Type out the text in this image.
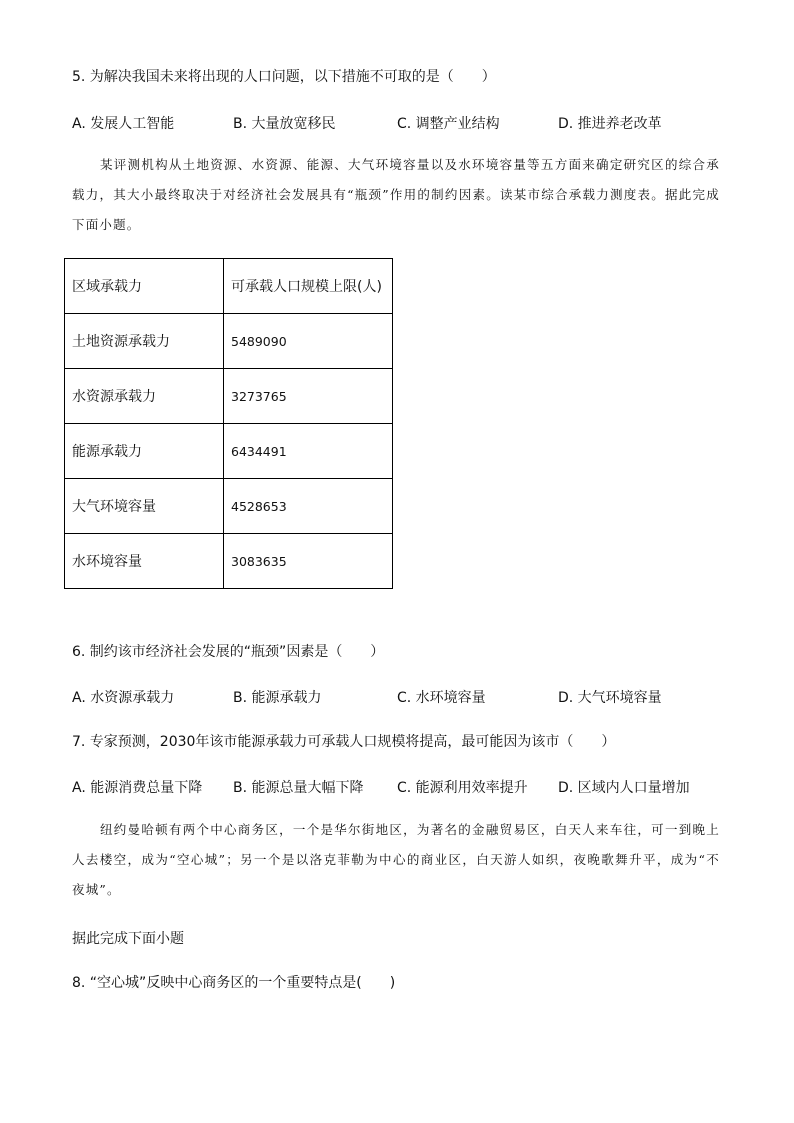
5. 为解决我国未来将出现的人口问题，以下措施不可取的是（　　）
A. 发展人工智能	B. 大量放宽移民	C. 调整产业结构	D. 推进养老改革
某评测机构从土地资源、水资源、能源、大气环境容量以及水环境容量等五方面来确定研究区的综合承载力，其大小最终取决于对经济社会发展具有“瓶颈”作用的制约因素。读某市综合承载力测度表。据此完成下面小题。
区域承载力	可承载人口规模上限(人)
土地资源承载力	5489090
水资源承载力	3273765
能源承载力	6434491
大气环境容量	4528653
水环境容量	3083635
6. 制约该市经济社会发展的“瓶颈”因素是（　　）
A. 水资源承载力	B. 能源承载力	C. 水环境容量	D. 大气环境容量
7. 专家预测，2030年该市能源承载力可承载人口规模将提高，最可能因为该市（　　）
A. 能源消费总量下降 B. 能源总量大幅下降 C. 能源利用效率提升 D. 区域内人口量增加
纽约曼哈顿有两个中心商务区，一个是华尔街地区，为著名的金融贸易区，白天人来车往，可一到晚上人去楼空，成为“空心城”；另一个是以洛克菲勒为中心的商业区，白天游人如织，夜晚歌舞升平，成为“不夜城”。
据此完成下面小题
8. “空心城”反映中心商务区的一个重要特点是(　　)
